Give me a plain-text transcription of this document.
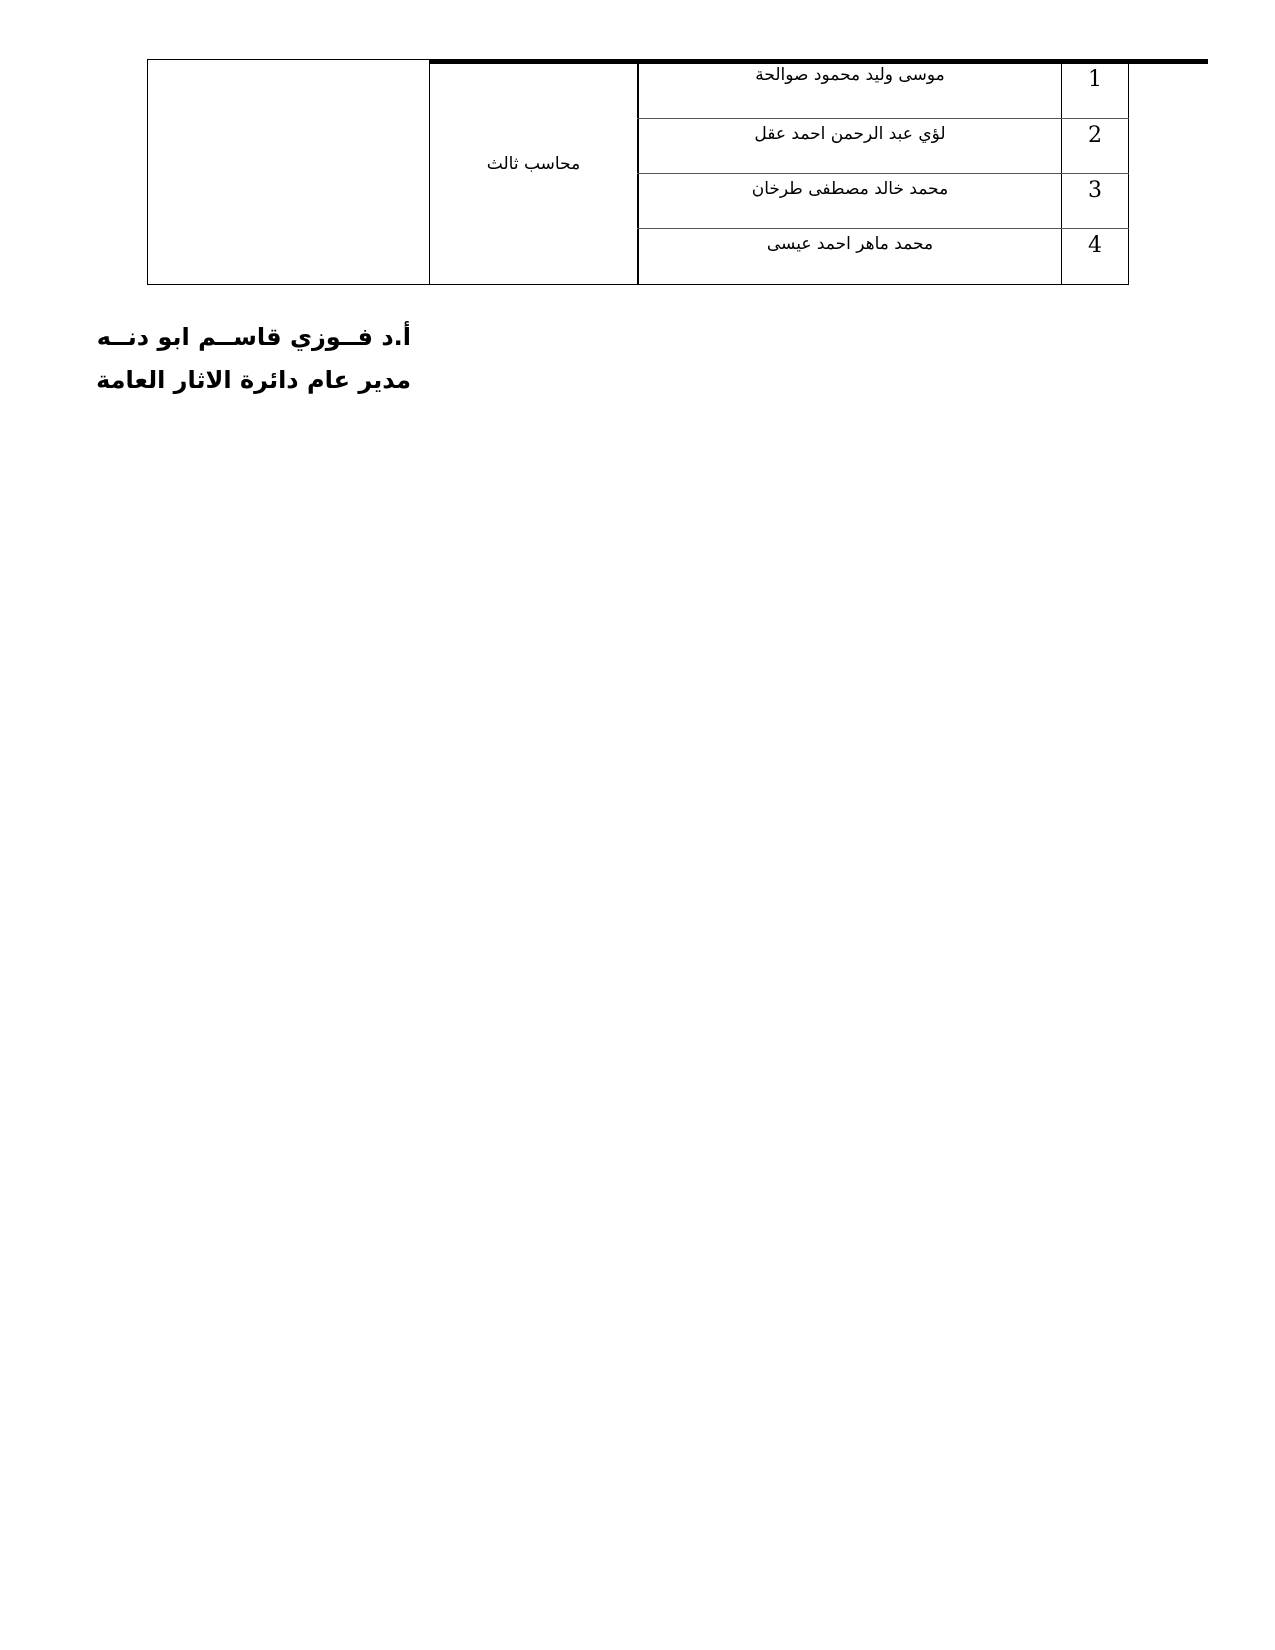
موسى وليد محمود صوالحة	1
لؤي عبد الرحمن احمد عقل	2
محمد خالد مصطفى طرخان	3
محمد ماهر احمد عيسى	4
محاسب ثالث
أ.د فــوزي قاســم ابو دنــه
مدير عام دائرة الاثار العامة
